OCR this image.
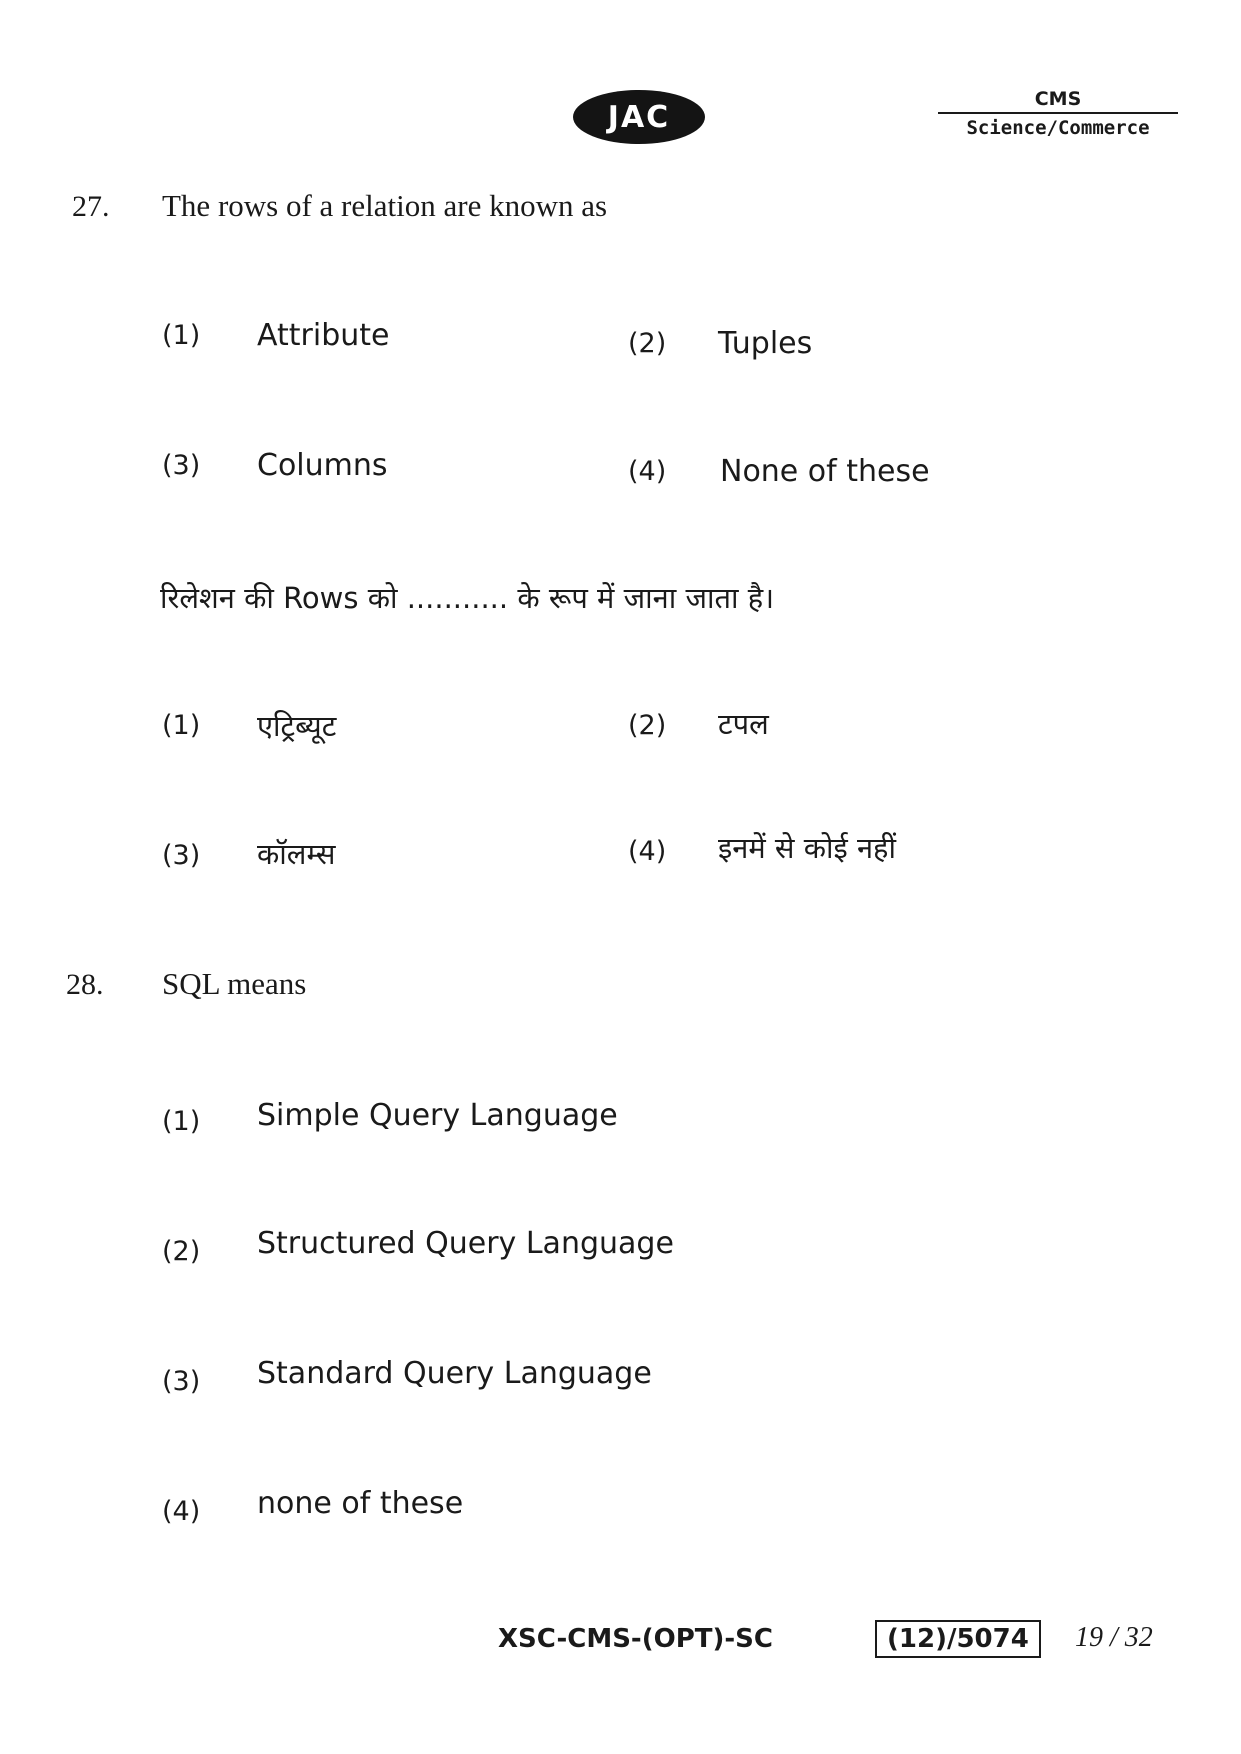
JAC
CMS
Science/Commerce
27. The rows of a relation are known as
(1) Attribute	(2) Tuples
(3) Columns	(4) None of these
रिलेशन की Rows को ........... के रूप में जाना जाता है।
(1) एट्रिब्यूट	(2) टपल
(3) कॉलम्स	(4) इनमें से कोई नहीं
28. SQL means
(1) Simple Query Language
(2) Structured Query Language
(3) Standard Query Language
(4) none of these
XSC-CMS-(OPT)-SC	(12)/5074	19 / 32
